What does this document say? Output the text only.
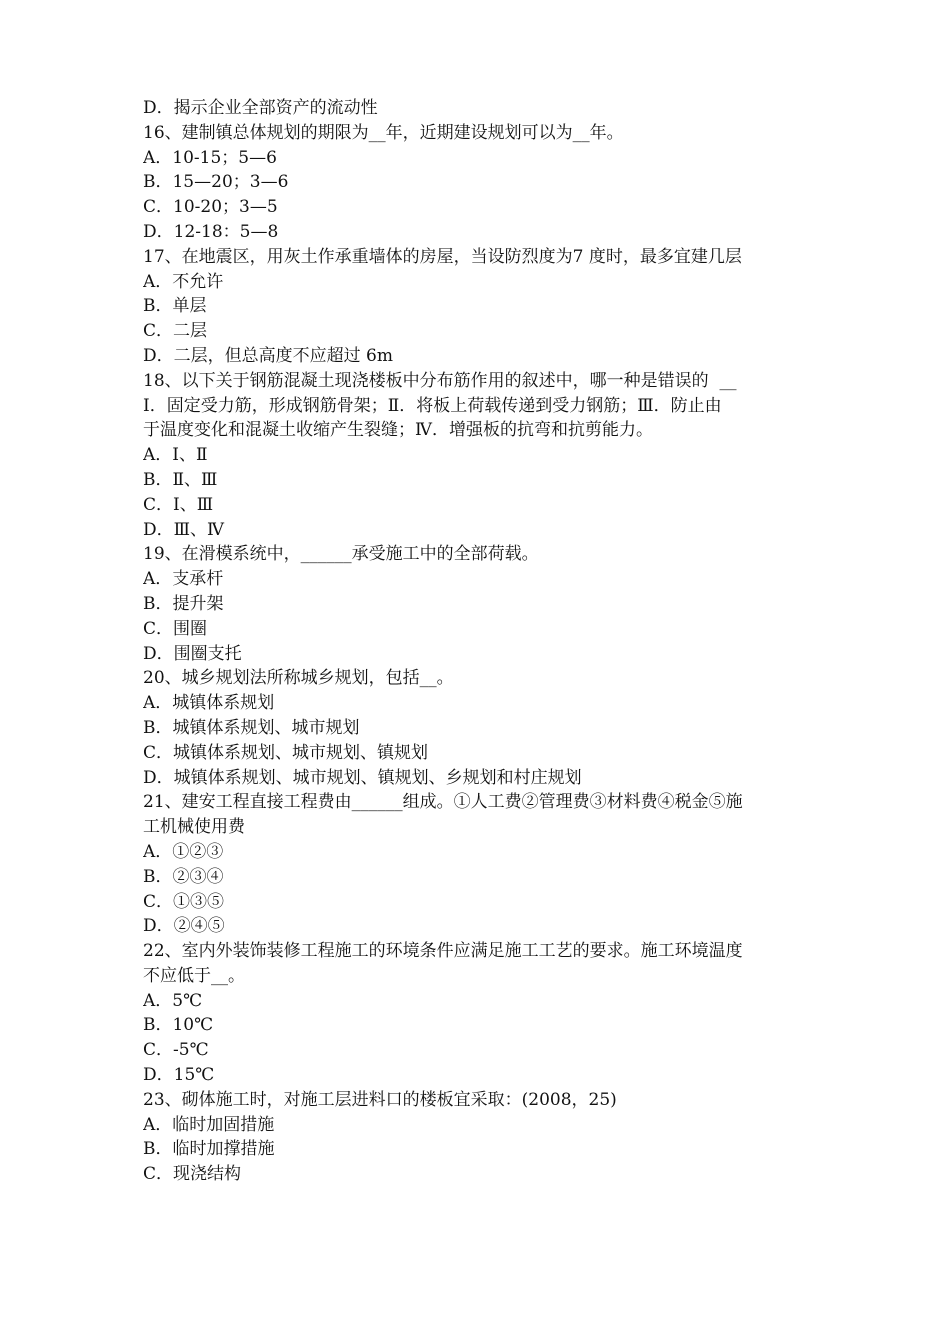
D．揭示企业全部资产的流动性
16、建制镇总体规划的期限为__年，近期建设规划可以为__年。
A．10-15；5—6
B．15—20；3—6
C．10-20；3—5
D．12-18：5—8
17、在地震区，用灰土作承重墙体的房屋，当设防烈度为7 度时，最多宜建几层
A．不允许
B．单层
C．二层
D．二层，但总高度不应超过 6m
18、以下关于钢筋混凝土现浇楼板中分布筋作用的叙述中，哪一种是错误的  __
Ⅰ．固定受力筋，形成钢筋骨架；Ⅱ．将板上荷载传递到受力钢筋；Ⅲ．防止由
于温度变化和混凝土收缩产生裂缝；Ⅳ．增强板的抗弯和抗剪能力。
A．Ⅰ、Ⅱ
B．Ⅱ、Ⅲ
C．Ⅰ、Ⅲ
D．Ⅲ、Ⅳ
19、在滑模系统中，______承受施工中的全部荷载。
A．支承杆
B．提升架
C．围圈
D．围圈支托
20、城乡规划法所称城乡规划，包括__。
A．城镇体系规划
B．城镇体系规划、城市规划
C．城镇体系规划、城市规划、镇规划
D．城镇体系规划、城市规划、镇规划、乡规划和村庄规划
21、建安工程直接工程费由______组成。①人工费②管理费③材料费④税金⑤施
工机械使用费
A．①②③
B．②③④
C．①③⑤
D．②④⑤
22、室内外装饰装修工程施工的环境条件应满足施工工艺的要求。施工环境温度
不应低于__。
A．5℃
B．10℃
C．-5℃
D．15℃
23、砌体施工时，对施工层进料口的楼板宜采取：(2008，25)
A．临时加固措施
B．临时加撑措施
C．现浇结构
